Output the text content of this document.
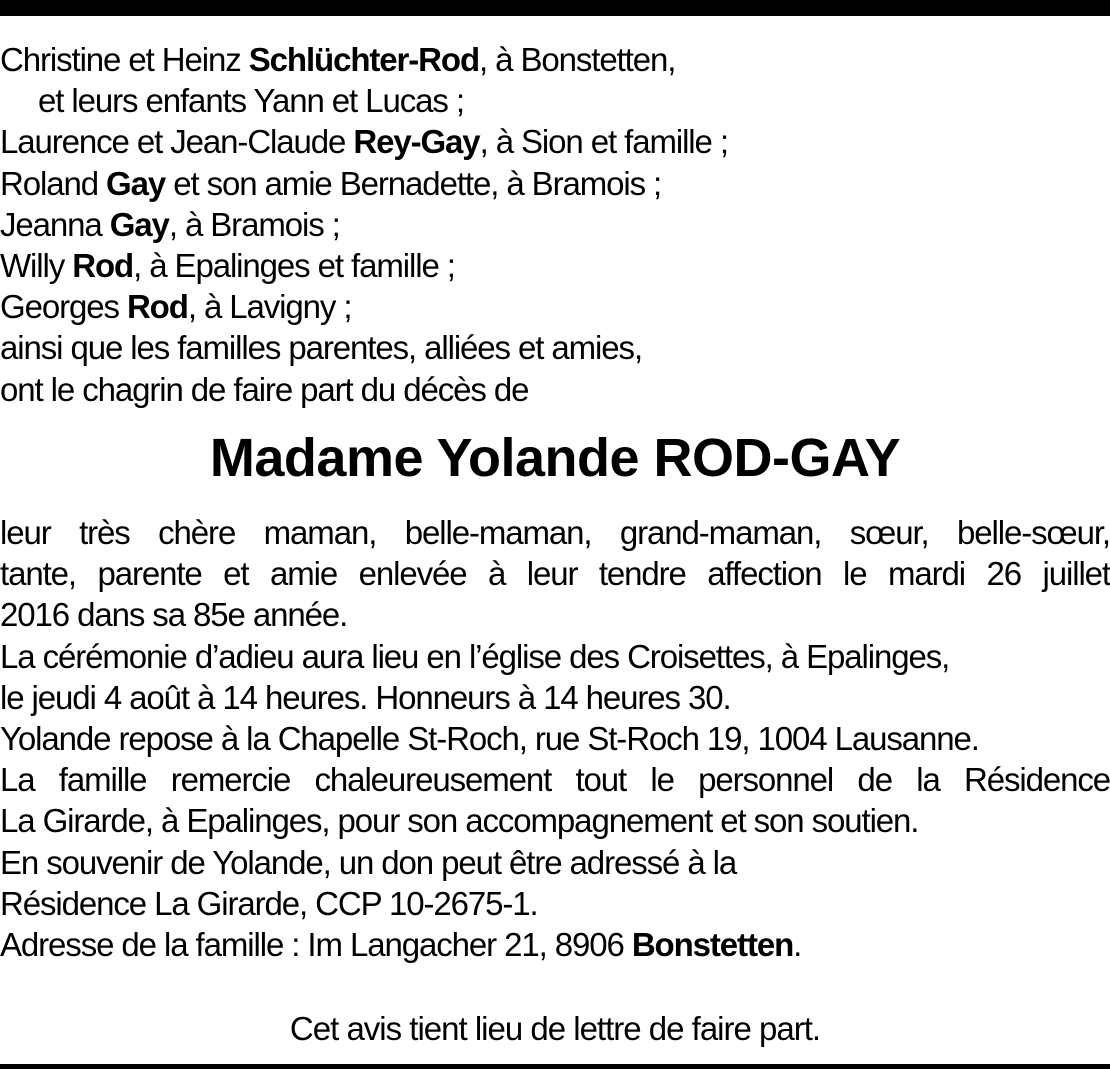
Christine et Heinz Schlüchter-Rod, à Bonstetten,
et leurs enfants Yann et Lucas ;
Laurence et Jean-Claude Rey-Gay, à Sion et famille ;
Roland Gay et son amie Bernadette, à Bramois ;
Jeanna Gay, à Bramois ;
Willy Rod, à Epalinges et famille ;
Georges Rod, à Lavigny ;
ainsi que les familles parentes, alliées et amies,
ont le chagrin de faire part du décès de
Madame Yolande ROD-GAY
leur très chère maman, belle-maman, grand-maman, sœur, belle-sœur,
tante, parente et amie enlevée à leur tendre affection le mardi 26 juillet
2016 dans sa 85e année.
La cérémonie d’adieu aura lieu en l’église des Croisettes, à Epalinges,
le jeudi 4 août à 14 heures. Honneurs à 14 heures 30.
Yolande repose à la Chapelle St-Roch, rue St-Roch 19, 1004 Lausanne.
La famille remercie chaleureusement tout le personnel de la Résidence
La Girarde, à Epalinges, pour son accompagnement et son soutien.
En souvenir de Yolande, un don peut être adressé à la
Résidence La Girarde, CCP 10-2675-1.
Adresse de la famille : Im Langacher 21, 8906 Bonstetten.
Cet avis tient lieu de lettre de faire part.
